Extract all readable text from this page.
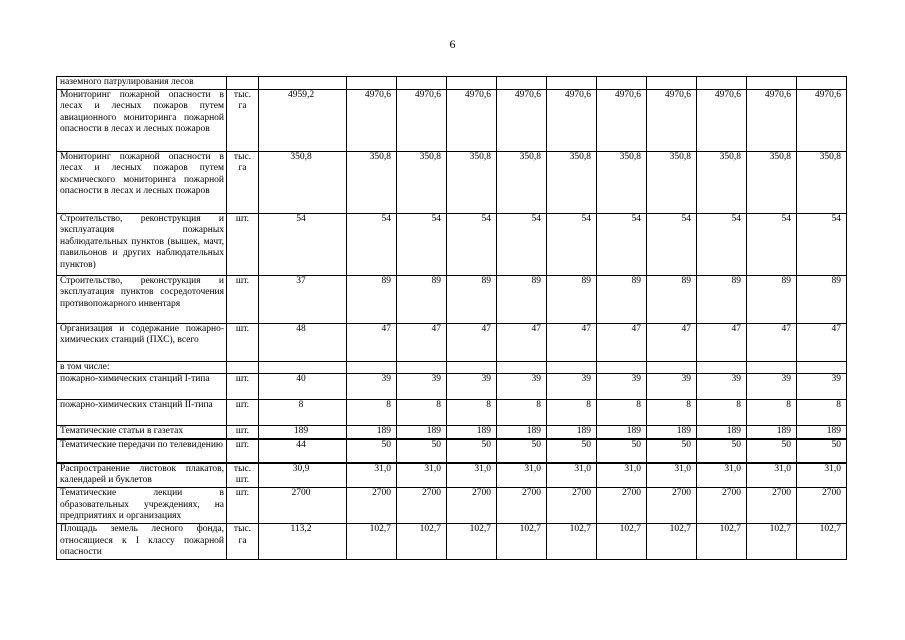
6
наземного патрулирования лесов												
Мониторинг пожарной опасности в лесах и лесных пожаров путем авиационного мониторинга пожарной опасности в лесах и лесных пожаров	тыс. га	4959,2	4970,6	4970,6	4970,6	4970,6	4970,6	4970,6	4970,6	4970,6	4970,6	4970,6
Мониторинг пожарной опасности в лесах и лесных пожаров путем космического мониторинга пожарной опасности в лесах и лесных пожаров	тыс. га	350,8	350,8	350,8	350,8	350,8	350,8	350,8	350,8	350,8	350,8	350,8
Строительство, реконструкция и эксплуатация пожарных наблюдательных пунктов (вышек, мачт, павильонов и других наблюдательных пунктов)	шт.	54	54	54	54	54	54	54	54	54	54	54
Строительство, реконструкция и эксплуатация пунктов сосредоточения противопожарного инвентаря	шт.	37	89	89	89	89	89	89	89	89	89	89
Организация и содержание пожарно-химических станций (ПХС), всего	шт.	48	47	47	47	47	47	47	47	47	47	47
в том числе:												
пожарно-химических станций I-типа	шт.	40	39	39	39	39	39	39	39	39	39	39
пожарно-химических станций II-типа	шт.	8	8	8	8	8	8	8	8	8	8	8
Тематические статьи в газетах	шт.	189	189	189	189	189	189	189	189	189	189	189
Тематические передачи по телевидению	шт.	44	50	50	50	50	50	50	50	50	50	50
Распространение листовок плакатов, календарей и буклетов	тыс. шт.	30,9	31,0	31,0	31,0	31,0	31,0	31,0	31,0	31,0	31,0	31,0
Тематические лекции в образовательных учреждениях, на предприятиях и организациях	шт.	2700	2700	2700	2700	2700	2700	2700	2700	2700	2700	2700
Площадь земель лесного фонда, относящиеся к I классу пожарной опасности	тыс. га	113,2	102,7	102,7	102,7	102,7	102,7	102,7	102,7	102,7	102,7	102,7
